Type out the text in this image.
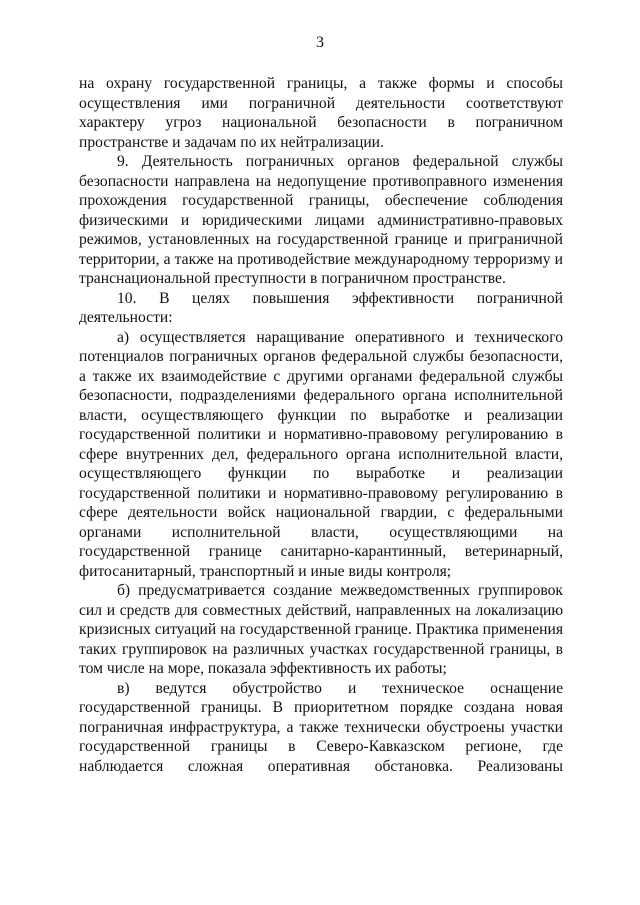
3

на охрану государственной границы, а также формы и способы осуществления ими пограничной деятельности соответствуют характеру угроз национальной безопасности в пограничном пространстве и задачам по их нейтрализации.

9. Деятельность пограничных органов федеральной службы безопасности направлена на недопущение противоправного изменения прохождения государственной границы, обеспечение соблюдения физическими и юридическими лицами административно-правовых режимов, установленных на государственной границе и приграничной территории, а также на противодействие международному терроризму и транснациональной преступности в пограничном пространстве.

10. В целях повышения эффективности пограничной деятельности:

а) осуществляется наращивание оперативного и технического потенциалов пограничных органов федеральной службы безопасности, а также их взаимодействие с другими органами федеральной службы безопасности, подразделениями федерального органа исполнительной власти, осуществляющего функции по выработке и реализации государственной политики и нормативно-правовому регулированию в сфере внутренних дел, федерального органа исполнительной власти, осуществляющего функции по выработке и реализации государственной политики и нормативно-правовому регулированию в сфере деятельности войск национальной гвардии, с федеральными органами исполнительной власти, осуществляющими на государственной границе санитарно-карантинный, ветеринарный, фитосанитарный, транспортный и иные виды контроля;

б) предусматривается создание межведомственных группировок сил и средств для совместных действий, направленных на локализацию кризисных ситуаций на государственной границе. Практика применения таких группировок на различных участках государственной границы, в том числе на море, показала эффективность их работы;

в) ведутся обустройство и техническое оснащение государственной границы. В приоритетном порядке создана новая пограничная инфраструктура, а также технически обустроены участки государственной границы в Северо-Кавказском регионе, где наблюдается сложная оперативная обстановка. Реализованы
